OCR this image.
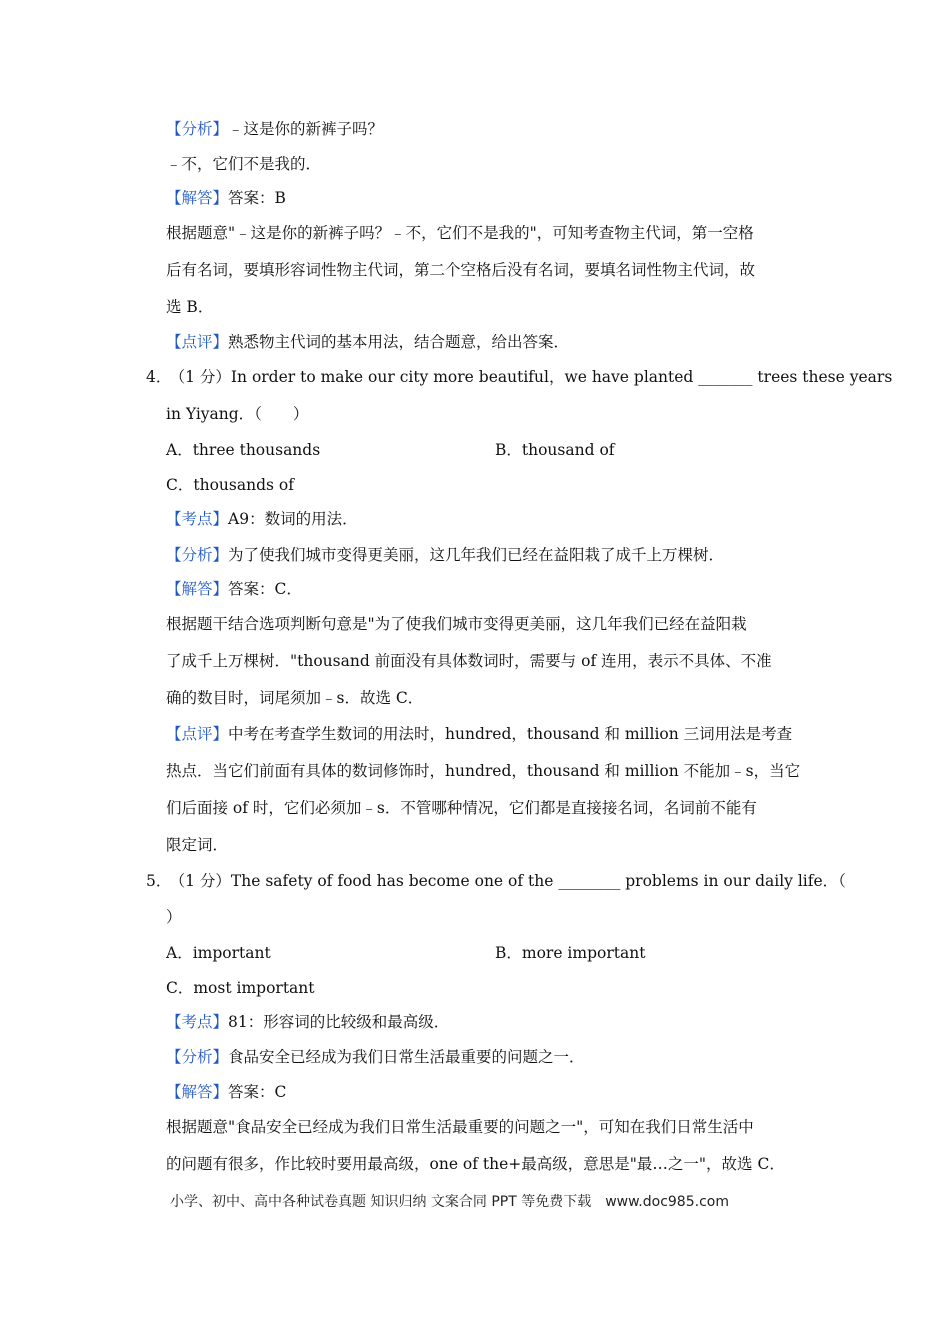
【分析】﹣这是你的新裤子吗？
﹣不，它们不是我的．
【解答】答案：B
根据题意"﹣这是你的新裤子吗？﹣不，它们不是我的"，可知考查物主代词，第一空格
后有名词，要填形容词性物主代词，第二个空格后没有名词，要填名词性物主代词，故
选 B．
【点评】熟悉物主代词的基本用法，结合题意，给出答案．
4． （1 分）In order to make our city more beautiful，we have planted _______ trees these years
in Yiyang．（　　）
A．three thousands	B．thousand of
C．thousands of
【考点】A9：数词的用法．
【分析】为了使我们城市变得更美丽，这几年我们已经在益阳栽了成千上万棵树．
【解答】答案：C．
根据题干结合选项判断句意是"为了使我们城市变得更美丽，这几年我们已经在益阳栽
了成千上万棵树．"thousand 前面没有具体数词时，需要与 of 连用，表示不具体、不准
确的数目时，词尾须加﹣s．故选 C．
【点评】中考在考查学生数词的用法时，hundred，thousand 和 million 三词用法是考查
热点．当它们前面有具体的数词修饰时，hundred，thousand 和 million 不能加﹣s，当它
们后面接 of 时，它们必须加﹣s．不管哪种情况，它们都是直接接名词，名词前不能有
限定词．
5． （1 分）The safety of food has become one of the ________ problems in our daily life．（
）
A．important	B．more important
C．most important
【考点】81：形容词的比较级和最高级．
【分析】食品安全已经成为我们日常生活最重要的问题之一．
【解答】答案：C
根据题意"食品安全已经成为我们日常生活最重要的问题之一"，可知在我们日常生活中
的问题有很多，作比较时要用最高级，one of the+最高级，意思是"最…之一"，故选 C．
小学、初中、高中各种试卷真题 知识归纳 文案合同 PPT 等免费下载　www.doc985.com
